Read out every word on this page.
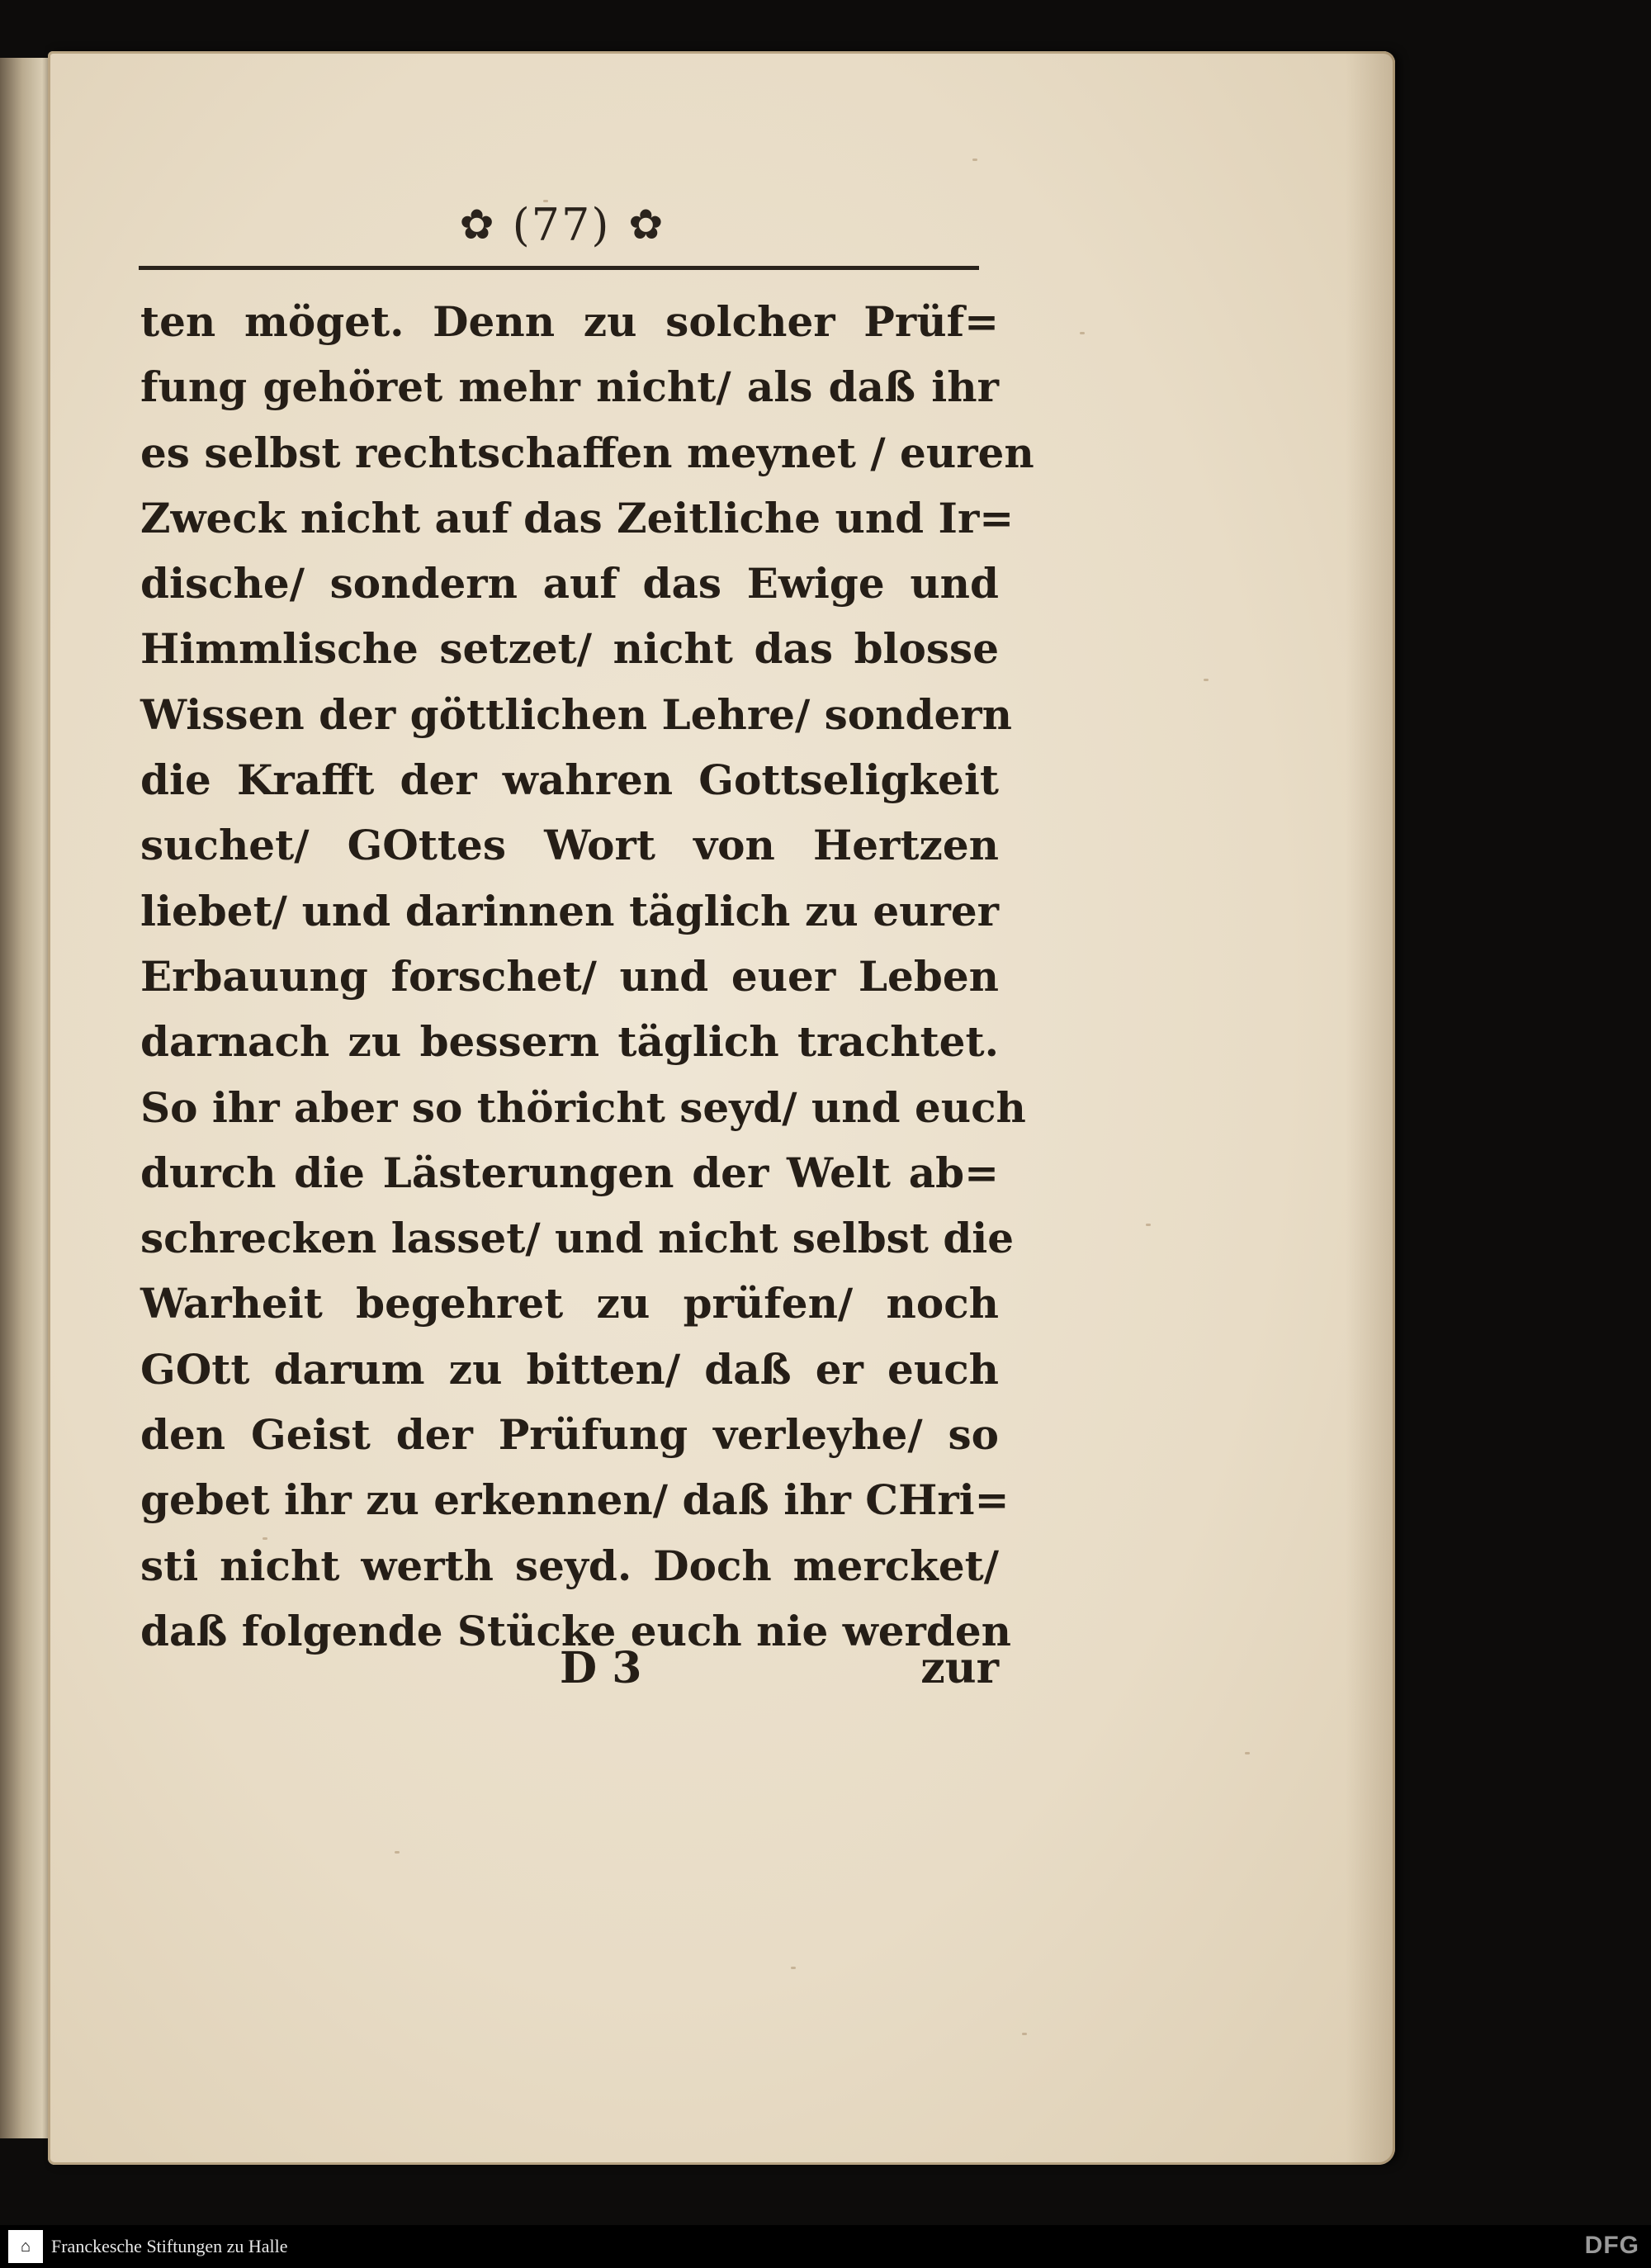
✿ (77) ✿
ten möget. Denn zu solcher Prüf=
fung gehöret mehr nicht/ als daß ihr
es selbst rechtschaffen meynet / euren
Zweck nicht auf das Zeitliche und Ir=
dische/ sondern auf das Ewige und
Himmlische setzet/ nicht das blosse
Wissen der göttlichen Lehre/ sondern
die Krafft der wahren Gottseligkeit
suchet/ GOttes Wort von Hertzen
liebet/ und darinnen täglich zu eurer
Erbauung forschet/ und euer Leben
darnach zu bessern täglich trachtet.
So ihr aber so thöricht seyd/ und euch
durch die Lästerungen der Welt ab=
schrecken lasset/ und nicht selbst die
Warheit begehret zu prüfen/ noch
GOtt darum zu bitten/ daß er euch
den Geist der Prüfung verleyhe/ so
gebet ihr zu erkennen/ daß ihr CHri=
sti nicht werth seyd. Doch mercket/
daß folgende Stücke euch nie werden
D 3	zur
⌂	Franckesche Stiftungen zu Halle	DFG
